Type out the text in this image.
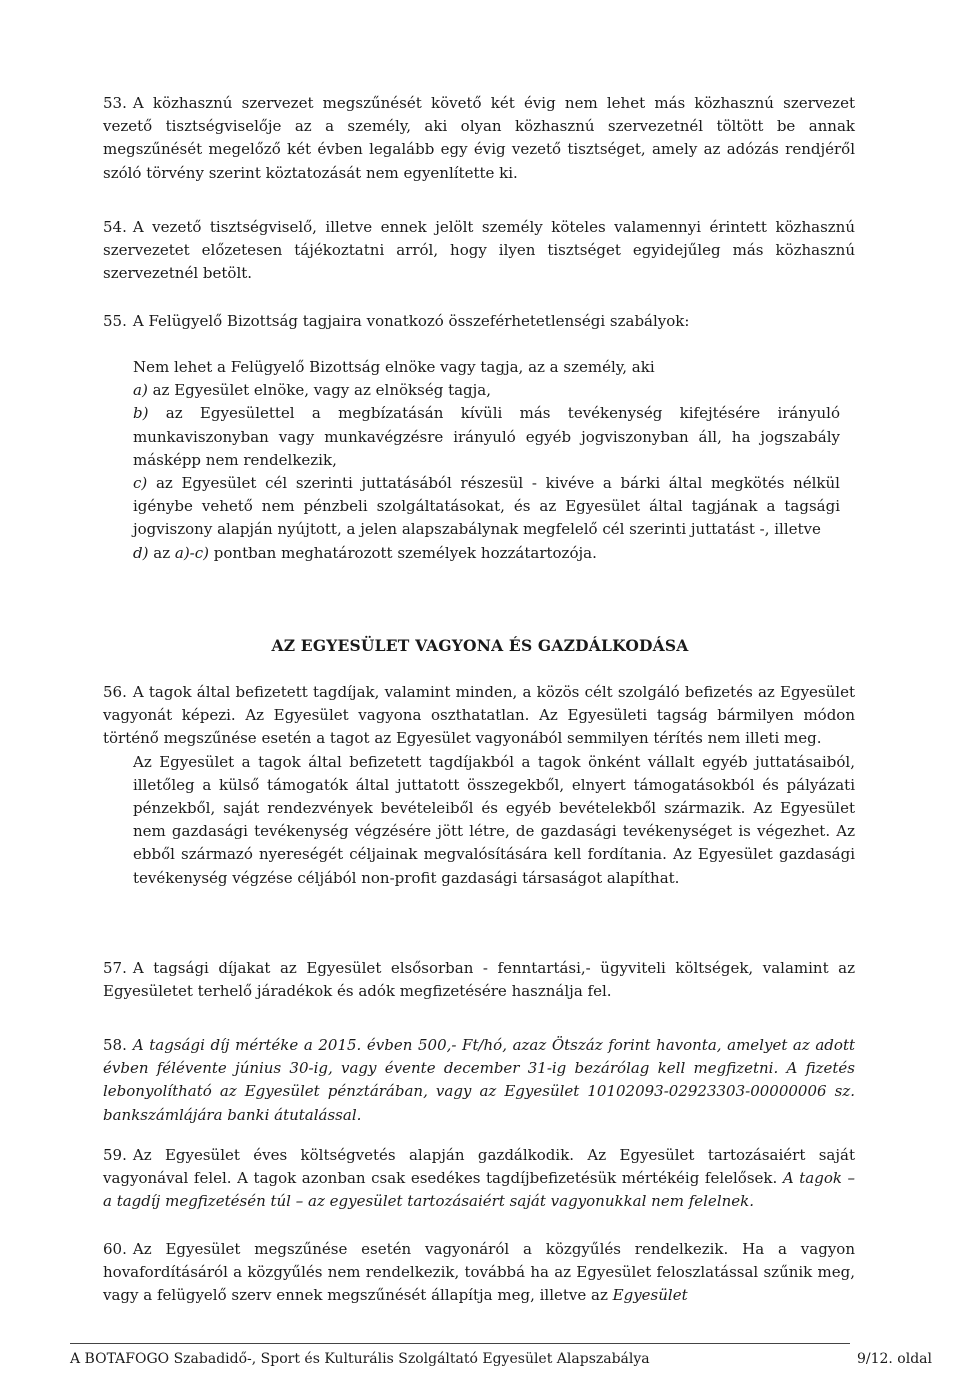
53. A közhasznú szervezet megszűnését követő két évig nem lehet más közhasznú szervezet vezető tisztségviselője az a személy, aki olyan közhasznú szervezetnél töltött be annak megszűnését megelőző két évben legalább egy évig vezető tisztséget, amely az adózás rendjéről szóló törvény szerint köztatozását nem egyenlítette ki.
54. A vezető tisztségviselő, illetve ennek jelölt személy köteles valamennyi érintett közhasznú szervezetet előzetesen tájékoztatni arról, hogy ilyen tisztséget egyidejűleg más közhasznú szervezetnél betölt.
55. A Felügyelő Bizottság tagjaira vonatkozó összeférhetetlenségi szabályok:
Nem lehet a Felügyelő Bizottság elnöke vagy tagja, az a személy, aki
a) az Egyesület elnöke, vagy az elnökség tagja,
b) az Egyesülettel a megbízatásán kívüli más tevékenység kifejtésére irányuló munkaviszonyban vagy munkavégzésre irányuló egyéb jogviszonyban áll, ha jogszabály másképp nem rendelkezik,
c) az Egyesület cél szerinti juttatásából részesül - kivéve a bárki által megkötés nélkül igénybe vehető nem pénzbeli szolgáltatásokat, és az Egyesület által tagjának a tagsági jogviszony alapján nyújtott, a jelen alapszabálynak megfelelő cél szerinti juttatást -, illetve
d) az a)-c) pontban meghatározott személyek hozzátartozója.
AZ EGYESÜLET VAGYONA ÉS GAZDÁLKODÁSA
56. A tagok által befizetett tagdíjak, valamint minden, a közös célt szolgáló befizetés az Egyesület vagyonát képezi. Az Egyesület vagyona oszthatatlan. Az Egyesületi tagság bármilyen módon történő megszűnése esetén a tagot az Egyesület vagyonából semmilyen térítés nem illeti meg.
Az Egyesület a tagok által befizetett tagdíjakból a tagok önként vállalt egyéb juttatásaiból, illetőleg a külső támogatók által juttatott összegekből, elnyert támogatásokból és pályázati pénzekből, saját rendezvények bevételeiből és egyéb bevételekből származik. Az Egyesület nem gazdasági tevékenység végzésére jött létre, de gazdasági tevékenységet is végezhet. Az ebből származó nyereségét céljainak megvalósítására kell fordítania. Az Egyesület gazdasági tevékenység végzése céljából non-profit gazdasági társaságot alapíthat.
57. A tagsági díjakat az Egyesület elsősorban - fenntartási,- ügyviteli költségek, valamint az Egyesületet terhelő járadékok és adók megfizetésére használja fel.
A BOTAFOGO Szabadidő-, Sport és Kulturális Szolgáltató Egyesület Alapszabálya	9/12. oldal
58. A tagsági díj mértéke a 2015. évben 500,- Ft/hó, azaz Ötszáz forint havonta, amelyet az adott évben félévente június 30-ig, vagy évente december 31-ig bezárólag kell megfizetni. A fizetés lebonyolítható az Egyesület pénztárában, vagy az Egyesület 10102093-02923303-00000006 sz. bankszámlájára banki átutalással.
59. Az Egyesület éves költségvetés alapján gazdálkodik. Az Egyesület tartozásaiért saját vagyonával felel. A tagok azonban csak esedékes tagdíjbefizetésük mértékéig felelősek. A tagok – a tagdíj megfizetésén túl – az egyesület tartozásaiért saját vagyonukkal nem felelnek.
60. Az Egyesület megszűnése esetén vagyonáról a közgyűlés rendelkezik. Ha a vagyon hovafordításáról a közgyűlés nem rendelkezik, továbbá ha az Egyesület feloszlatással szűnik meg, vagy a felügyelő szerv ennek megszűnését állapítja meg, illetve az Egyesület
